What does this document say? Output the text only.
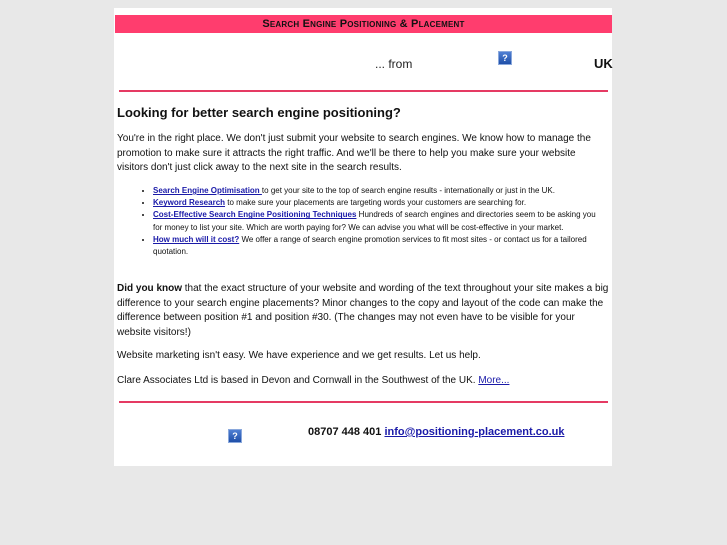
Search Engine Positioning & Placement
?
... from	UK
Looking for better search engine positioning?

You're in the right place. We don't just submit your website to search engines. We know how to manage the promotion to make sure it attracts the right traffic. And we'll be there to help you make sure your website visitors don't just click away to the next site in the search results.

• Search Engine Optimisation to get your site to the top of search engine results - internationally or just in the UK.
• Keyword Research to make sure your placements are targeting words your customers are searching for.
• Cost-Effective Search Engine Positioning Techniques Hundreds of search engines and directories seem to be asking you for money to list your site. Which are worth paying for? We can advise you what will be cost-effective in your market.
• How much will it cost? We offer a range of search engine promotion services to fit most sites - or contact us for a tailored quotation.

Did you know that the exact structure of your website and wording of the text throughout your site makes a big difference to your search engine placements? Minor changes to the copy and layout of the code can make the difference between position #1 and position #30. (The changes may not even have to be visible for your website visitors!)

Website marketing isn't easy. We have experience and we get results. Let us help.

Clare Associates Ltd is based in Devon and Cornwall in the Southwest of the UK. More...

?	08707 448 401 info@positioning-placement.co.uk
